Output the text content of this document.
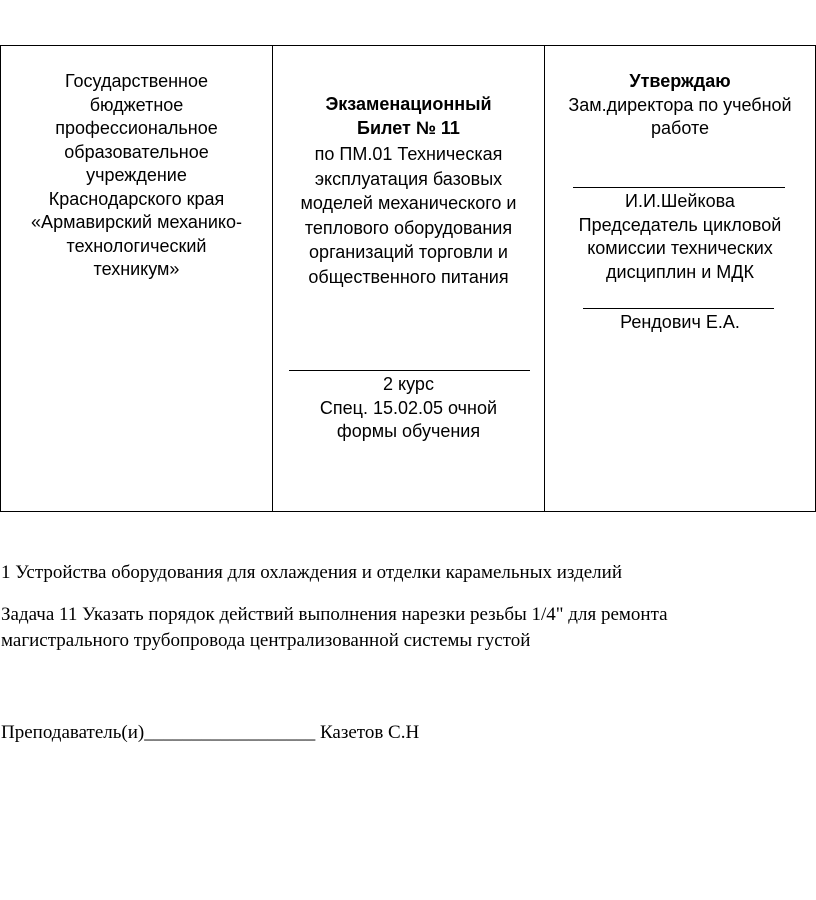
Государственное
бюджетное
профессиональное
образовательное
учреждение
Краснодарского края
«Армавирский механико-
технологический
техникум»
Экзаменационный
Билет № 11
по ПМ.01 Техническая
эксплуатация базовых
моделей механического и
теплового оборудования
организаций торговли и
общественного питания
2 курс
Спец. 15.02.05 очной
формы обучения
Утверждаю
Зам.директора по учебной
работе
И.И.Шейкова
Председатель цикловой
комиссии технических
дисциплин и МДК
Рендович Е.А.
1 Устройства оборудования для охлаждения и отделки карамельных изделий
Задача 11 Указать порядок действий выполнения нарезки резьбы 1/4" для ремонта
магистрального трубопровода централизованной системы густой
Преподаватель(и)__________________ Казетов С.Н
